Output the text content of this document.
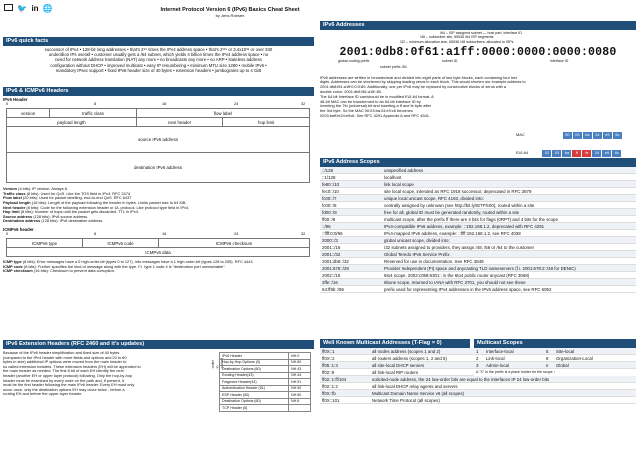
🐦 in 🌐	Internet Protocol Version 6 (IPv6) Basics Cheat Sheet
by Jens Roesen
IPv6 quick facts
successor of IPv4 • 128-bit long addresses • that's 2⁹⁶ times the IPv4 address space • that's 2¹²⁸ or 3.4x10³⁸ or over 340
undecillion IPs overall • customer usually gets a /64 subnet, which yields 4 billion times the IPv4 address space • no
need for network address translation (NAT) any more • no broadcasts any more • no ARP • stateless address
configuration without DHCP • improved multicast • easy IP renumbering • minimum MTU size 1280 • mobile IPv6 •
mandatory IPsec support • fixed IPv6 header size of 40 bytes • extension headers • jumbograms up to 4 GiB
IPv6 & ICMPv6 Headers
IPv6 Header
0	8	16	24	32
version	traffic class	flow label	
payload length		next header	hop limit
source IPv6 address			
destination IPv6 address			
Version (4 bits): IP version. Always 6.
Traffic class (8 bits): Used for QoS. Like the TOS field in IPv4. RFC 2474
Flow label (20 bits): Used for packet labelling, end-to-end QoS. RFC 6437
Payload length (16 bits): Length of the payload following the header in bytes. Limits packet size to 64 KiB.
Next header (8 bits): Code for the following extension header or UL protocol. Like protocol type field in IPv4.
Hop limit (8 bits): Number of hops until the packet gets discarded. TTL in IPv4.
Source address (128 bits): IPv6 source address.
Destination address (128 bits): IPv6 destination address.
ICMPv6 header
0	8	16	24	32
ICMPv6 type	ICMPv6 code	ICMPv6 checksum
ICMPv6 data
ICMP type (8 bits): Error messages have a 0 high-order-bit (types 0 to 127), info messages have a 1 high-order-bit (types 128 to 255). RFC 4443
ICMP code (8 bits): Further specifies the kind of message along with the type. F.i. type 1 code 4 is "destination port unreachable".
ICMP checksum (16 bits): Checksum to prevent data corruption.
IPv6 Extension Headers (RFC 2460 and it's updates)
Because of the IPv6 header simplification and fixed size of 40 bytes
(compared to the IPv4 header with more fields and options and 20 to 60
bytes in size) additional IP options were moved from the main header to
so called extension headers. These extension headers (EH) will be appended to
the main header as needed. The first 8 bit of each EH identify the next
header (another EH or upper layer protocol) following. Only the hop-by-hop
header must be examined by every node on the path and, if present, it
must be the first header following the main IPv6 header. Every EH must only
occur once, only the destination options EH may occur twice - before a
routing EH and before the upper layer header.
order in packet
IPv6 Header	NH 0
Hop-by-Hop Options (0)	NH 60
Destination Options (60)	NH 43
Routing Header(43)	NH 44
Fragment Header(44)	NH 51
Authentication Header (51)	NH 50
ESP Header (50)	NH 60
Destination Options (60)	NH 6
TCP Header (6)	
IPv6 Addresses
/64 – ISP assigned subnet — host part, interface ID
/48 – subscriber site, 65536 /64 ISP segments
/32 – minimum allocation size, 65536 /48 subscribers, allocated to ISPs
2001:0db8:0f61:a1ff:0000:0000:0000:0080
global routing prefix	subnet ID	interface ID
subnet prefix /64
IPv6 addresses are written in hexadecimal and divided into eight parts of two byte blocks, each containing four hex
digits. Addresses can be shortened by skipping leading zeros in each block. This would shorten our example address to
2001:db8:f61:a1ff:0:0:0:80. Additionally, one per IPv6 may be replaced by consecutive blocks of zeros with a
double colon: 2001:db8:f61:a1ff::80.
The 64-bit Interface ID can/should be in modified EUI-64 format. A
48-bit MAC can be transformed to an 64-bit interface ID by
inverting the 7th (universal) bit and inserting a ff and fe byte after
the 3rd byte. So the MAC 00:03:ba:24:e9:c6 becomes
0203:baff:fe24:e9c6. See RFC 4291 Appendix A and RFC 4541.
MAC	00 03 ba 24 e9 6c
EUI-64	02 03 ba ff fe 24 e9 6c
IPv6 Address Scopes
::/128	unspecified address
::1/128	localhost
fe80::/10	link local scope
fec0::/10	site local scope, intended as RFC 1918 successor, deprecated in RFC 3879
fc00::/7	unique local unicast scope, RFC 4193, divided into:
fc00::/8	centrally assigned by unknown (see http://bit.ly/IETFfc00), routed within a site
fd00::/8	free for all, global ID must be generated randomly, routed within a site
ff00::/8	multicast scope, after the prefix ff there are 4 bits for flags (0RPT) and 4 bits for the scope
::/96	IPv4-compatible IPv6 address, example: ::192.168.1.2, deprecated with RFC 4291
::ffff:0:0/96	IPv4-mapped IPv6 address, example: ::ffff:192.168.1.2, see RFC 4038
2000::/3	global unicast scope, divided into:
2001::/16	/32 subnets assigned to providers, they assign /48, /56 or /64 to the customer
2001::/32	Global Teredo IPv6 Service Prefix
2001:db8::/32	Reserved for use in documentation. See RFC 3849
2001:678::/29	Provider Independent (PI) space and anycasting TLD nameservers (f.i. 2001:678:2::/48 for DENIC)
2002::/16	6to4 scope, 2002:c058:6301:: is the 6to4 public router anycast (RFC 3068)
3ffe::/16	6bone scope, returned to IANA with RFC 3701, you should not see these
64:ff9b::/96	prefix used for representing IPv4 addresses in the IPv6 address space, see RFC 6052
Well Known Multicast Addresses (T-Flag = 0)
ff0X::1	all nodes address (scopes 1 and 2)
ff0X::2	all routers address (scopes 1, 2 and 5)
ff05::1:3	all site-local DHCP servers
ff02::9	all link-local RIP routers
ff02::1:ff/104	solicited-node address, the 24 low-order bits are equal to the interfaces IP 24 low-order bits
ff02::1:2	all link-local DHCP relay agents and servers
ff0X::fb	Multicast Domain Name Service v6 (all scopes)
ff0X::101	Network Time Protocol (all scopes)
Multicast Scopes
1	Interface-local	5	Site-local
2	Link-local	8	Organization-Local
3	Admin-local	e	Global
A "X" in the prefix is a place holder for the scope ↑
